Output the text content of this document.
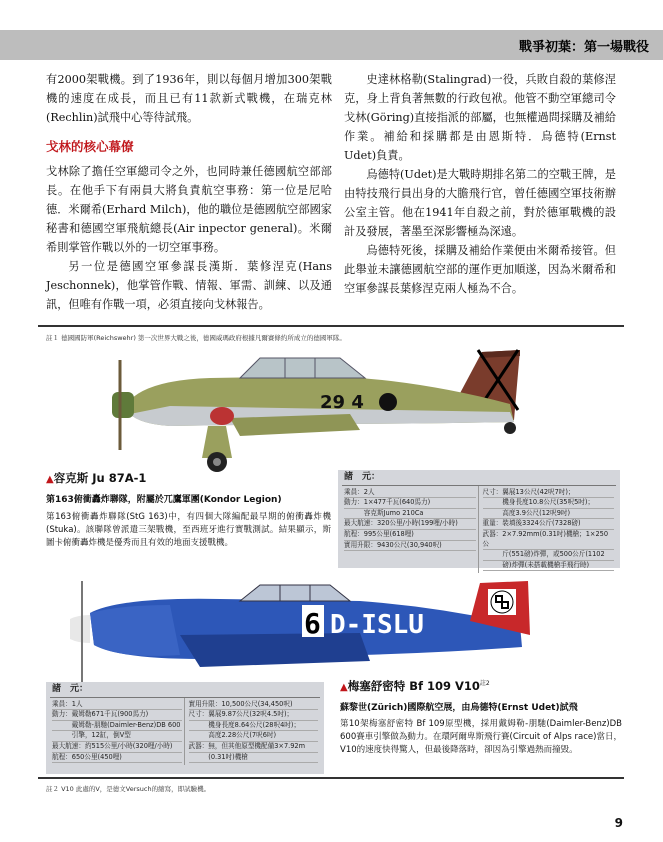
戰爭初葉：第一場戰役

有2000架戰機。到了1936年，則以每個月增加300架戰機的速度在成長，而且已有11款新式戰機，在瑞克林(Rechlin)試飛中心等待試飛。

戈林的核心幕僚

戈林除了擔任空軍總司令之外，也同時兼任德國航空部部長。在他手下有兩員大將負責航空事務：第一位是尼哈德．米爾希(Erhard Milch)，他的職位是德國航空部國家秘書和德國空軍飛航總長(Air inpector general)。米爾希則掌管作戰以外的一切空軍事務。

另一位是德國空軍參謀長漢斯．葉修涅克(Hans Jeschonnek)，他掌管作戰、情報、軍需、訓練、以及通訊，但唯有作戰一項，必須直接向戈林報告。

史達林格勒(Stalingrad)一役，兵敗自殺的葉修涅克，身上背負著無數的行政包袱。他管不動空軍總司令戈林(Göring)直接指派的部屬，也無權過問採購及補給作業。補給和採購都是由恩斯特．烏德特(Ernst Udet)負責。

烏德特(Udet)是大戰時期排名第二的空戰王牌，是由特技飛行員出身的大膽飛行官，曾任德國空軍技術辦公室主管。他在1941年自殺之前，對於德軍戰機的設計及發展，著墨至深影響極為深遠。

烏德特死後，採購及補給作業便由米爾希接管。但此舉並未讓德國航空部的運作更加順遂，因為米爾希和空軍參謀長葉修涅克兩人極為不合。

註１ 德國國防軍(Reichswehr) 第一次世界大戰之後，德國威瑪政府根據凡爾賽條約所成立的德國軍隊。
29 4
▲容克斯 Ju 87A-1
第163俯衝轟炸聯隊，附屬於兀鷹軍團(Kondor Legion)
第163俯衝轟炸聯隊(StG 163)中，有四個大隊編配最早期的俯衝轟炸機(Stuka)。該聯隊曾派遣三架戰機，至西班牙進行實戰測試。結果顯示，斯圖卡俯衝轟炸機是優秀而且有效的地面支援戰機。
諸　元：
乘員：2人
動力：1×477千瓦(640馬力)
　　　容克斯Jumo 210Ca
最大航速：320公里/小時(199哩/小時)
航程：995公里(618哩)
實用升限：9430公尺(30,940呎)
尺寸：翼展13公尺(42呎7吋)；
　　　機身長度10.8公尺(35呎5吋)；
　　　高度3.9公尺(12呎9吋)
重量：裝填後3324公斤(7328磅)
武器：2×7.92mm(0.31吋)機槍；1×250公
　　　斤(551磅)炸彈，或500公斤(1102
　　　磅)炸彈(未搭載機槍手飛行時)
6 D-ISLU
諸　元：
乘員：1人
動力：戴姆勒671千瓦(900馬力)
　　　戴姆勒-朋馳(Daimler-Benz)DB 600
　　　引擎，12缸，倒V型
最大航速：約515公里/小時(320哩/小時)
航程：650公里(450哩)
實用升限：10,500公尺(34,450呎)
尺寸：翼展9.87公尺(32呎4.5吋)；
　　　機身長度8.64公尺(28呎4吋)；
　　　高度2.28公尺(7呎6吋)
武器：無，但其他原型機配備3×7.92m
　　　(0.31吋)機槍
▲梅塞舒密特 Bf 109 V10$^{註2}$
蘇黎世(Zürich)國際航空展，由烏德特(Ernst Udet)試飛
第10架梅塞舒密特 Bf 109原型機，採用戴姆勒-朋馳(Daimler-Benz)DB 600賽車引擎做為動力。在環阿爾卑斯飛行賽(Circuit of Alps race)當日，V10的速度快得驚人，但最後降落時，卻因為引擎過熱而撞毀。
註２ V10 此處的V，是德文Versuch的縮寫，即試驗機。
9
